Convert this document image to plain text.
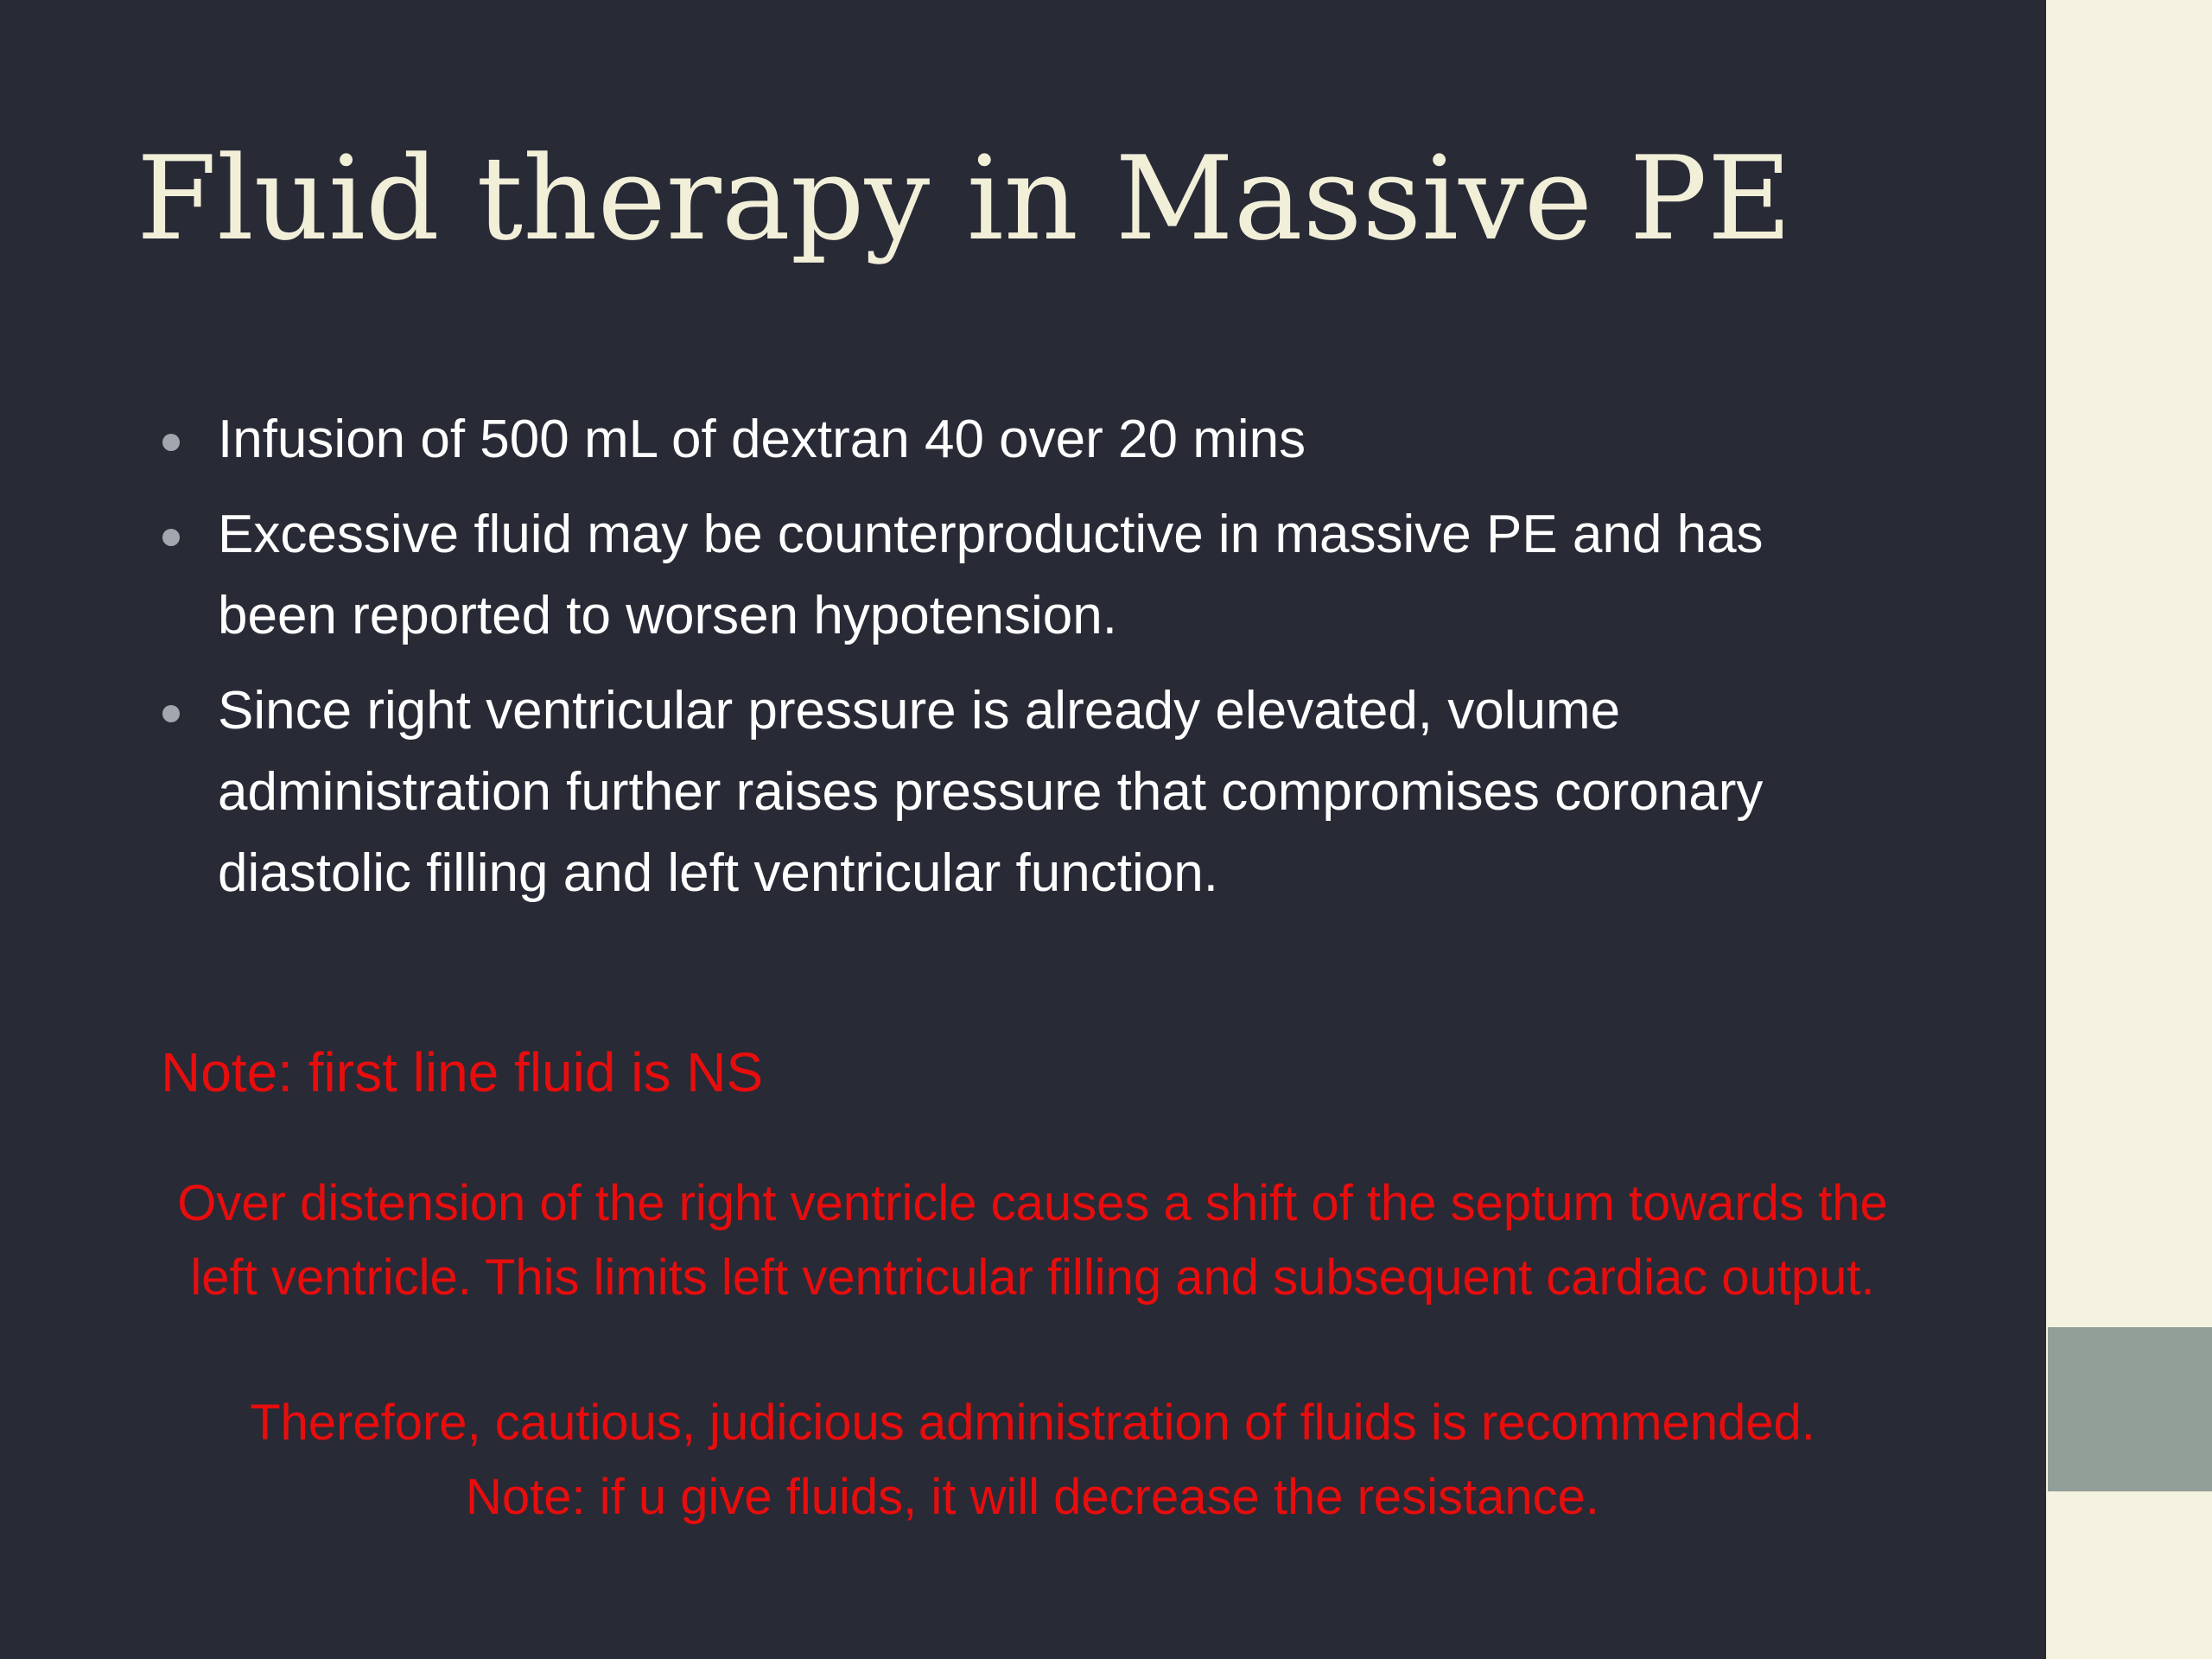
Fluid therapy in Massive PE
Infusion of 500 mL of dextran 40 over 20 mins
Excessive fluid may be counterproductive in massive PE and has been reported to worsen hypotension.
Since right ventricular pressure is already elevated, volume administration further raises pressure that compromises coronary diastolic filling and left ventricular function.

Note: first line fluid is NS

Over distension of the right ventricle causes a shift of the septum towards the
left ventricle. This limits left ventricular filling and subsequent cardiac output.

Therefore, cautious, judicious administration of fluids is recommended.
Note: if u give fluids, it will decrease the resistance.
